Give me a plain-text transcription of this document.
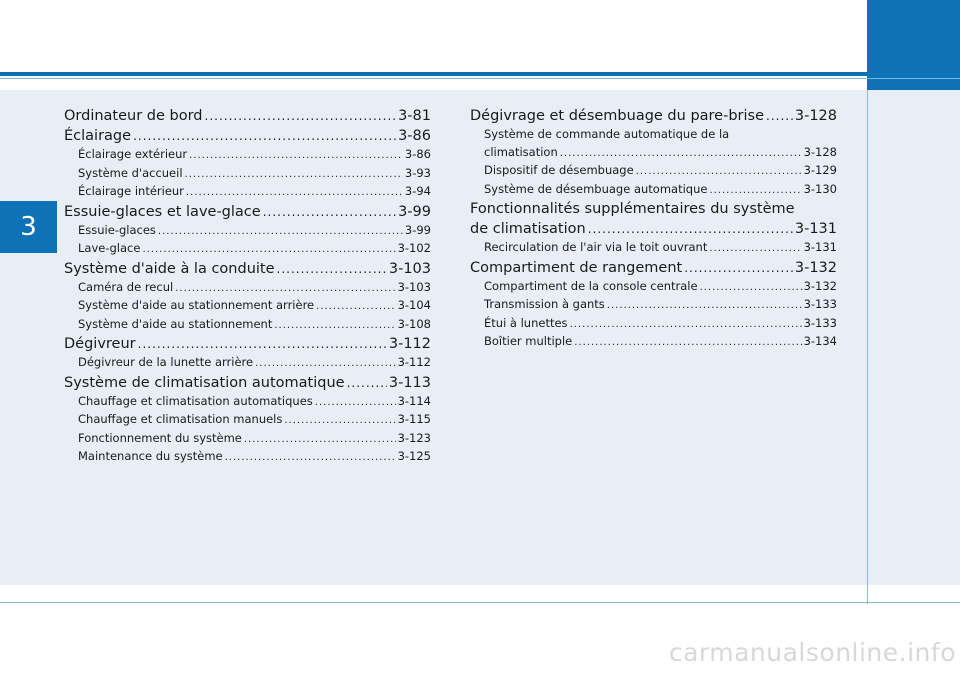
3
Ordinateur de bord .....	3-81
Éclairage .....	3-86
Éclairage extérieur .....	3-86
Système d'accueil .....	3-93
Éclairage intérieur .....	3-94
Essuie-glaces et lave-glace .....	3-99
Essuie-glaces .....	3-99
Lave-glace .....	3-102
Système d'aide à la conduite .....	3-103
Caméra de recul .....	3-103
Système d'aide au stationnement arrière .....	3-104
Système d'aide au stationnement .....	3-108
Dégivreur .....	3-112
Dégivreur de la lunette arrière .....	3-112
Système de climatisation automatique .....	3-113
Chauffage et climatisation automatiques .....	3-114
Chauffage et climatisation manuels .....	3-115
Fonctionnement du système .....	3-123
Maintenance du système .....	3-125
Dégivrage et désembuage du pare-brise ..... 3-128
Système de commande automatique de la
climatisation .....	3-128
Dispositif de désembuage .....	3-129
Système de désembuage automatique .....	3-130
Fonctionnalités supplémentaires du système
de climatisation .....	3-131
Recirculation de l'air via le toit ouvrant .....	3-131
Compartiment de rangement .....	3-132
Compartiment de la console centrale .....	3-132
Transmission à gants .....	3-133
Étui à lunettes .....	3-133
Boîtier multiple .....	3-134
carmanualsonline.info
